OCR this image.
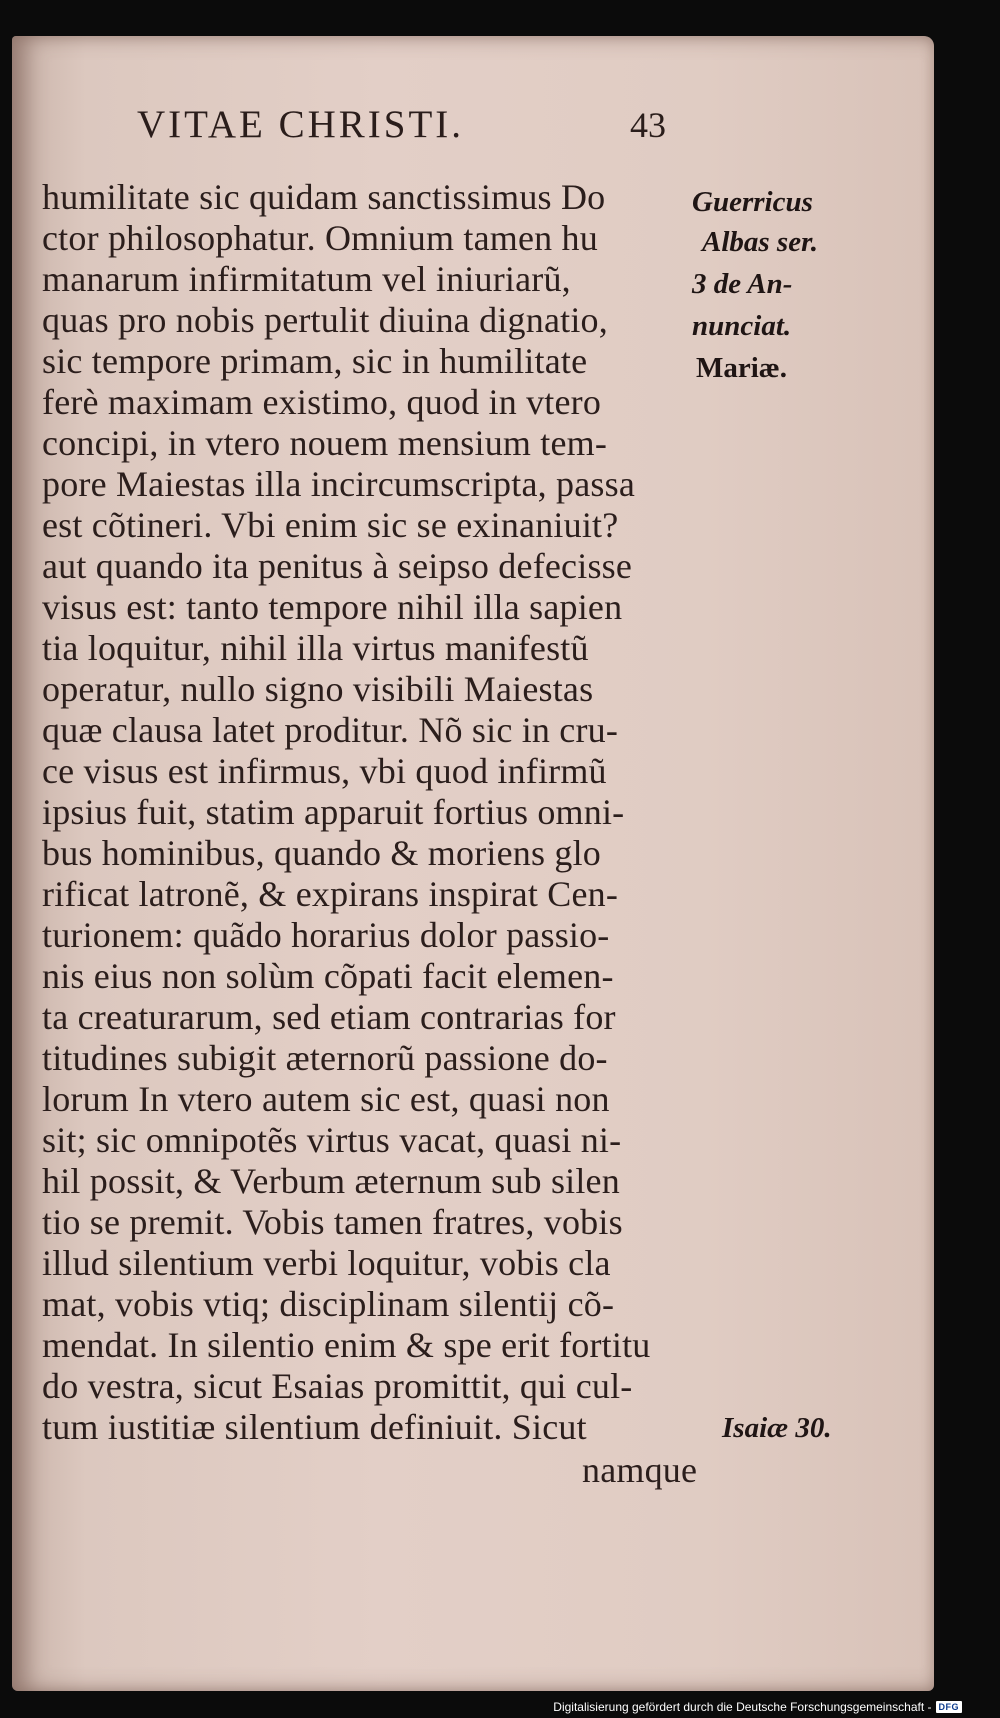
VITAE CHRISTI.	43
humilitate sic quidam sanctissimus Do
ctor philosophatur. Omnium tamen hu
manarum infirmitatum vel iniuriarũ,
quas pro nobis pertulit diuina dignatio,
sic tempore primam, sic in humilitate
ferè maximam existimo, quod in vtero
concipi, in vtero nouem mensium tem-
pore Maiestas illa incircumscripta, passa
est cõtineri. Vbi enim sic se exinaniuit?
aut quando ita penitus à seipso defecisse
visus est: tanto tempore nihil illa sapien
tia loquitur, nihil illa virtus manifestũ
operatur, nullo signo visibili Maiestas
quæ clausa latet proditur. Nõ sic in cru-
ce visus est infirmus, vbi quod infirmũ
ipsius fuit, statim apparuit fortius omni-
bus hominibus, quando & moriens glo
rificat latronẽ, & expirans inspirat Cen-
turionem: quãdo horarius dolor passio-
nis eius non solùm cõpati facit elemen-
ta creaturarum, sed etiam contrarias for
titudines subigit æternorũ passione do-
lorum In vtero autem sic est, quasi non
sit; sic omnipotẽs virtus vacat, quasi ni-
hil possit, & Verbum æternum sub silen
tio se premit. Vobis tamen fratres, vobis
illud silentium verbi loquitur, vobis cla
mat, vobis vtiq; disciplinam silentij cõ-
mendat. In silentio enim & spe erit fortitu
do vestra, sicut Esaias promittit, qui cul-
tum iustitiæ silentium definiuit. Sicut
namque
Guerricus
Albas ser.
3 de An-
nunciat.
Mariæ.
Isaiæ 30.
Digitalisierung gefördert durch die Deutsche Forschungsgemeinschaft - DFG
